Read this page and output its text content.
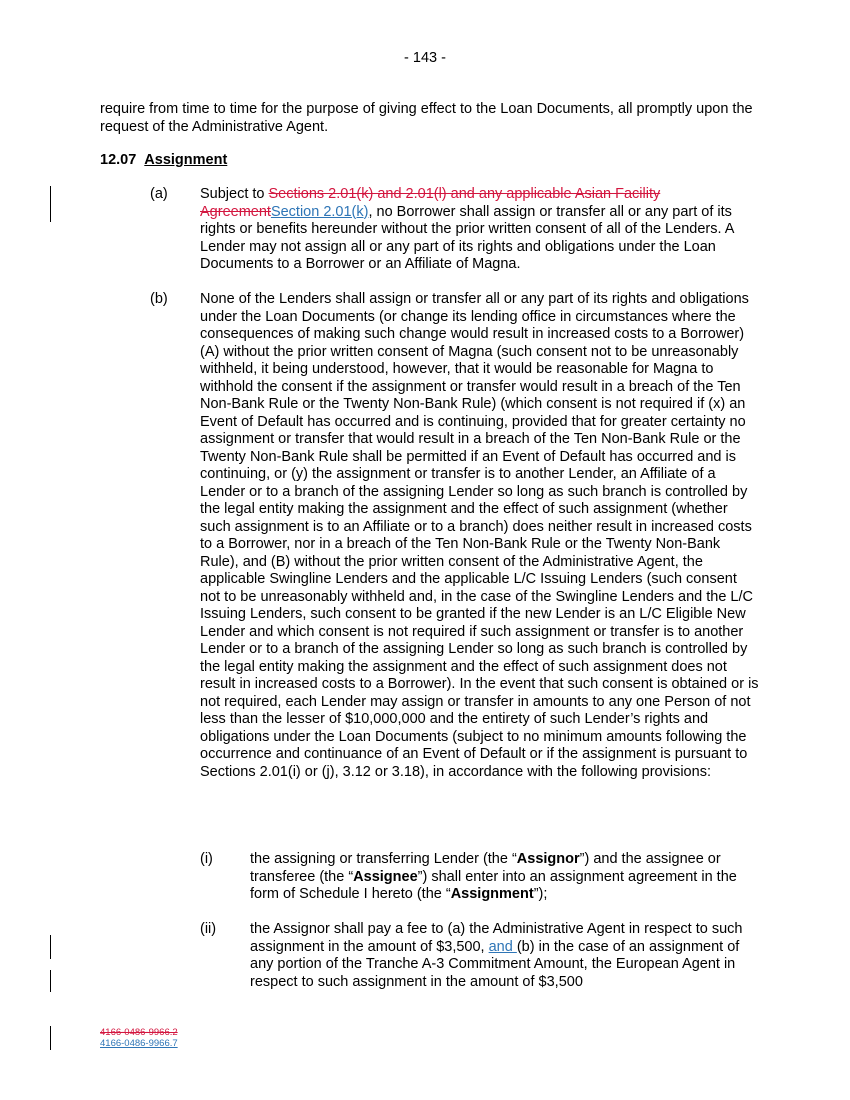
- 143 -
require from time to time for the purpose of giving effect to the Loan Documents, all promptly upon the request of the Administrative Agent.
12.07 Assignment
(a) Subject to Sections 2.01(k) and 2.01(l) and any applicable Asian Facility AgreementSection 2.01(k), no Borrower shall assign or transfer all or any part of its rights or benefits hereunder without the prior written consent of all of the Lenders. A Lender may not assign all or any part of its rights and obligations under the Loan Documents to a Borrower or an Affiliate of Magna.
(b) None of the Lenders shall assign or transfer all or any part of its rights and obligations under the Loan Documents (or change its lending office in circumstances where the consequences of making such change would result in increased costs to a Borrower) (A) without the prior written consent of Magna (such consent not to be unreasonably withheld, it being understood, however, that it would be reasonable for Magna to withhold the consent if the assignment or transfer would result in a breach of the Ten Non-Bank Rule or the Twenty Non-Bank Rule) (which consent is not required if (x) an Event of Default has occurred and is continuing, provided that for greater certainty no assignment or transfer that would result in a breach of the Ten Non-Bank Rule or the Twenty Non-Bank Rule shall be permitted if an Event of Default has occurred and is continuing, or (y) the assignment or transfer is to another Lender, an Affiliate of a Lender or to a branch of the assigning Lender so long as such branch is controlled by the legal entity making the assignment and the effect of such assignment (whether such assignment is to an Affiliate or to a branch) does neither result in increased costs to a Borrower, nor in a breach of the Ten Non-Bank Rule or the Twenty Non-Bank Rule), and (B) without the prior written consent of the Administrative Agent, the applicable Swingline Lenders and the applicable L/C Issuing Lenders (such consent not to be unreasonably withheld and, in the case of the Swingline Lenders and the L/C Issuing Lenders, such consent to be granted if the new Lender is an L/C Eligible New Lender and which consent is not required if such assignment or transfer is to another Lender or to a branch of the assigning Lender so long as such branch is controlled by the legal entity making the assignment and the effect of such assignment does not result in increased costs to a Borrower). In the event that such consent is obtained or is not required, each Lender may assign or transfer in amounts to any one Person of not less than the lesser of $10,000,000 and the entirety of such Lender’s rights and obligations under the Loan Documents (subject to no minimum amounts following the occurrence and continuance of an Event of Default or if the assignment is pursuant to Sections 2.01(i) or (j), 3.12 or 3.18), in accordance with the following provisions:
(i)	the assigning or transferring Lender (the “Assignor”) and the assignee or transferee (the “Assignee”) shall enter into an assignment agreement in the form of Schedule I hereto (the “Assignment”);
(ii) the Assignor shall pay a fee to (a) the Administrative Agent in respect to such assignment in the amount of $3,500, and (b) in the case of an assignment of any portion of the Tranche A-3 Commitment Amount, the European Agent in respect to such assignment in the amount of $3,500
4166-0486-9966.2
4166-0486-9966.7
